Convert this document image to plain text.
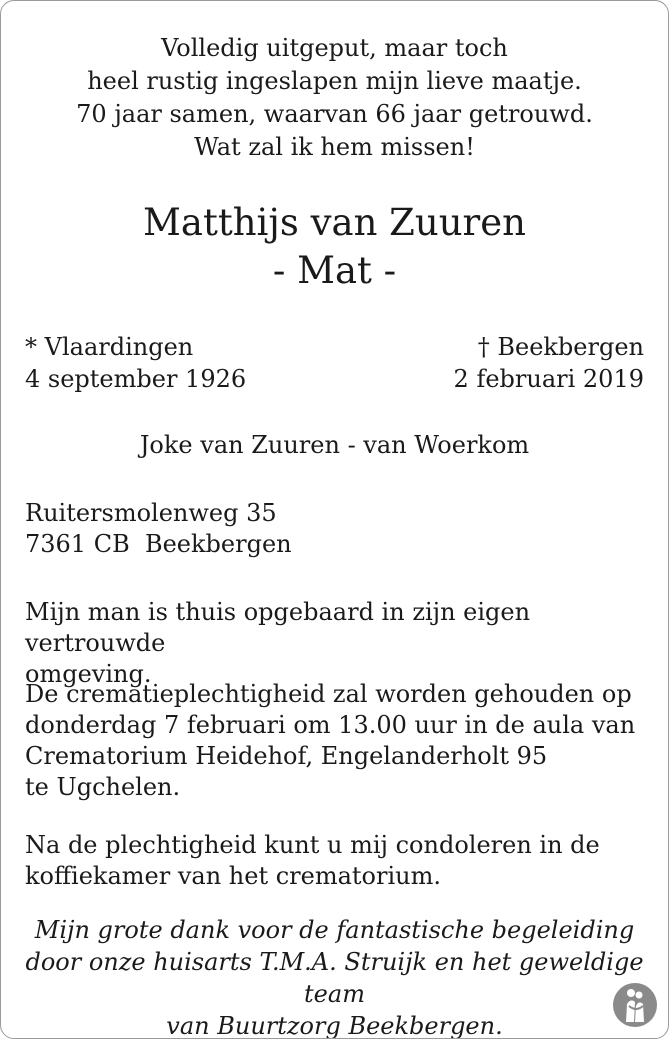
Volledig uitgeput, maar toch
heel rustig ingeslapen mijn lieve maatje.
70 jaar samen, waarvan 66 jaar getrouwd.
Wat zal ik hem missen!
Matthijs van Zuuren
- Mat -
* Vlaardingen	† Beekbergen
4 september 1926	2 februari 2019
Joke van Zuuren - van Woerkom
Ruitersmolenweg 35
7361 CB  Beekbergen
Mijn man is thuis opgebaard in zijn eigen vertrouwde
omgeving.
De crematieplechtigheid zal worden gehouden op
donderdag 7 februari om 13.00 uur in de aula van
Crematorium Heidehof, Engelanderholt 95
te Ugchelen.
Na de plechtigheid kunt u mij condoleren in de
koffiekamer van het crematorium.
Mijn grote dank voor de fantastische begeleiding
door onze huisarts T.M.A. Struijk en het geweldige team
van Buurtzorg Beekbergen.
